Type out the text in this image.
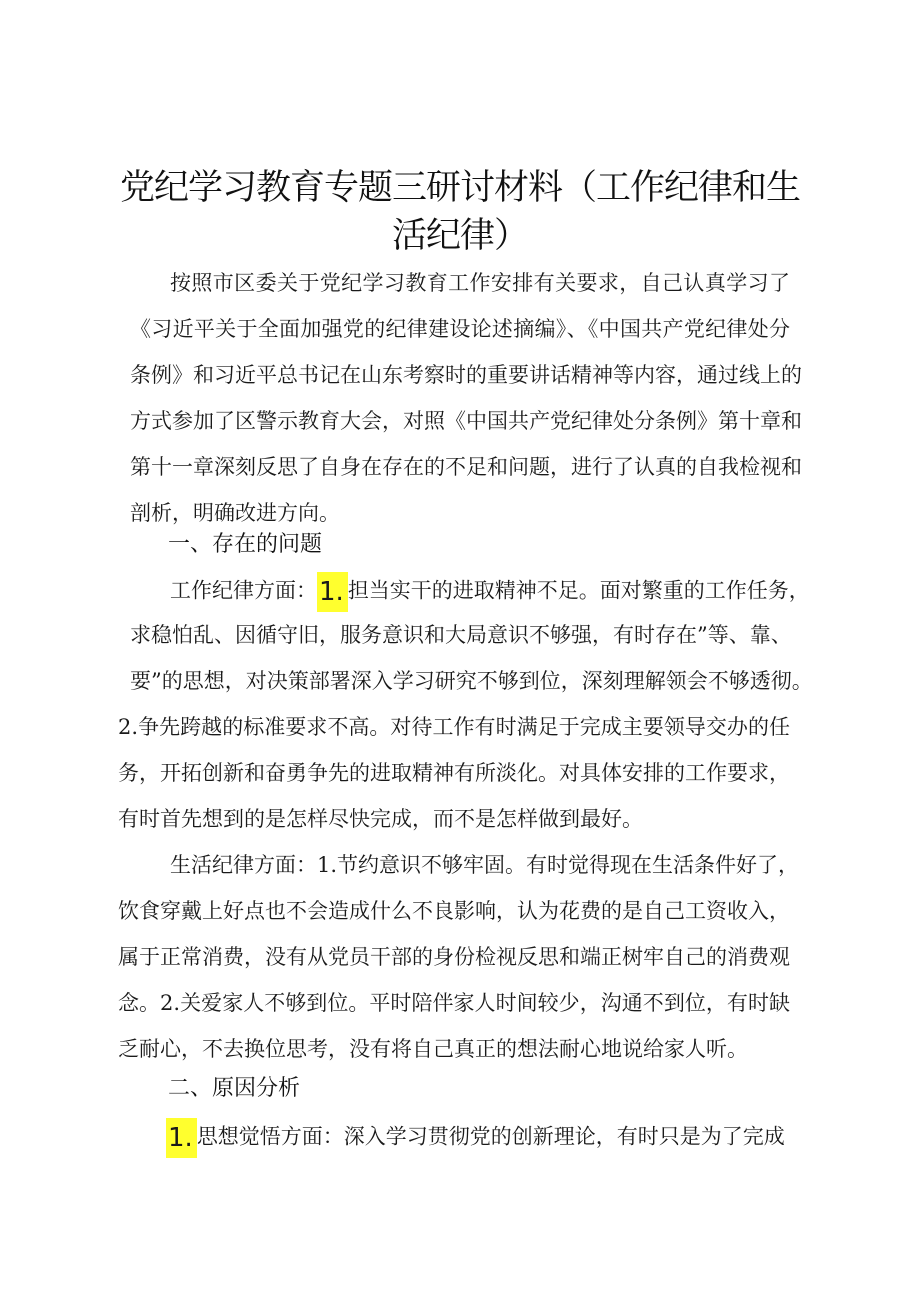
党纪学习教育专题三研讨材料（工作纪律和生
活纪律）
按照市区委关于党纪学习教育工作安排有关要求，自己认真学习了
《习近平关于全面加强党的纪律建设论述摘编》、《中国共产党纪律处分
条例》和习近平总书记在山东考察时的重要讲话精神等内容，通过线上的
方式参加了区警示教育大会，对照《中国共产党纪律处分条例》第十章和
第十一章深刻反思了自身在存在的不足和问题，进行了认真的自我检视和
剖析，明确改进方向。
一、存在的问题
工作纪律方面：1. 担当实干的进取精神不足。面对繁重的工作任务，
求稳怕乱、因循守旧，服务意识和大局意识不够强，有时存在”等、靠、
要”的思想，对决策部署深入学习研究不够到位，深刻理解领会不够透彻。
2.争先跨越的标准要求不高。对待工作有时满足于完成主要领导交办的任
务，开拓创新和奋勇争先的进取精神有所淡化。对具体安排的工作要求，
有时首先想到的是怎样尽快完成，而不是怎样做到最好。
生活纪律方面：1.节约意识不够牢固。有时觉得现在生活条件好了，
饮食穿戴上好点也不会造成什么不良影响，认为花费的是自己工资收入，
属于正常消费，没有从党员干部的身份检视反思和端正树牢自己的消费观
念。2.关爱家人不够到位。平时陪伴家人时间较少，沟通不到位，有时缺
乏耐心，不去换位思考，没有将自己真正的想法耐心地说给家人听。
二、原因分析
1. 思想觉悟方面：深入学习贯彻党的创新理论，有时只是为了完成
